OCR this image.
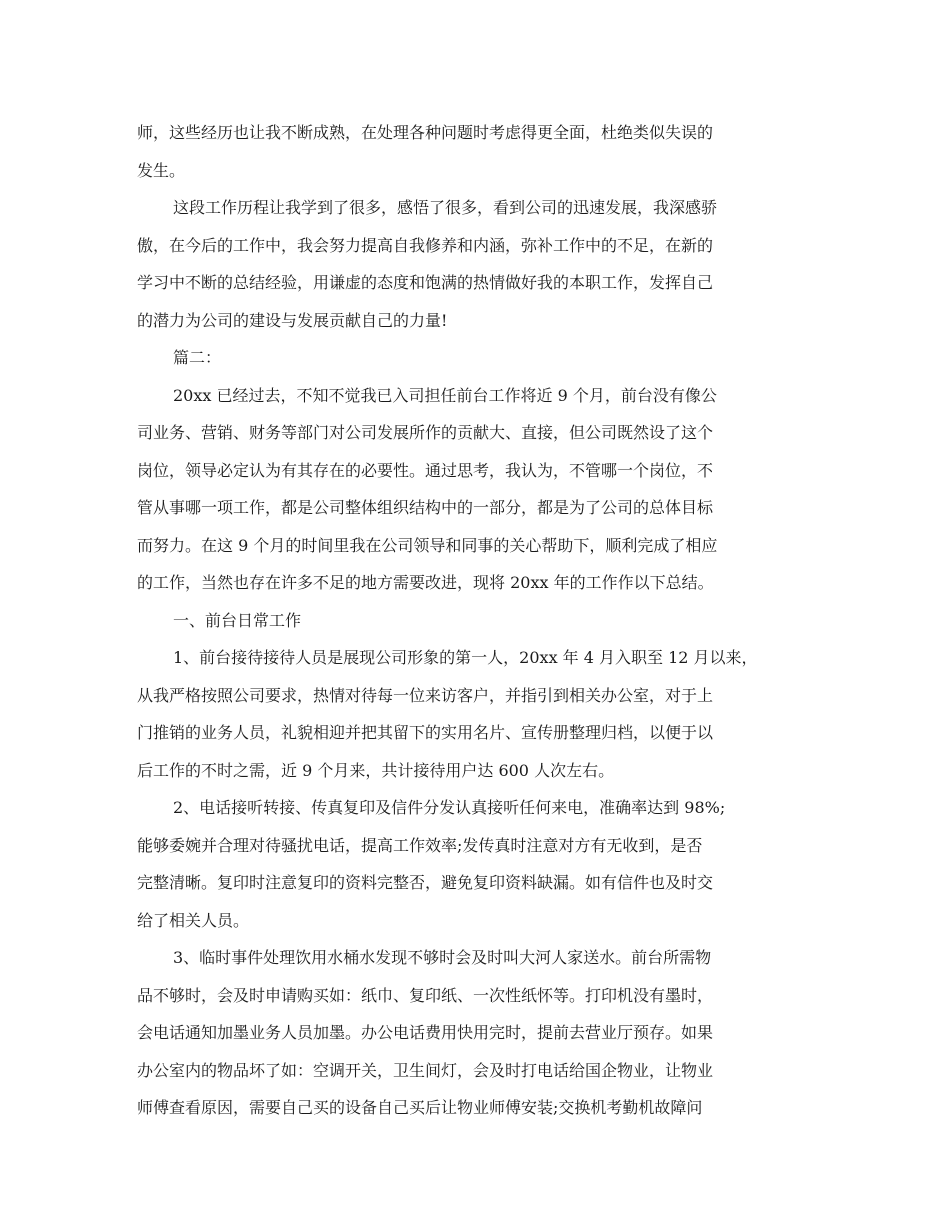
师，这些经历也让我不断成熟，在处理各种问题时考虑得更全面，杜绝类似失误的
发生。
这段工作历程让我学到了很多，感悟了很多，看到公司的迅速发展，我深感骄
傲，在今后的工作中，我会努力提高自我修养和内涵，弥补工作中的不足，在新的
学习中不断的总结经验，用谦虚的态度和饱满的热情做好我的本职工作，发挥自己
的潜力为公司的建设与发展贡献自己的力量!
篇二：
20xx 已经过去，不知不觉我已入司担任前台工作将近 9 个月，前台没有像公
司业务、营销、财务等部门对公司发展所作的贡献大、直接，但公司既然设了这个
岗位，领导必定认为有其存在的必要性。通过思考，我认为，不管哪一个岗位，不
管从事哪一项工作，都是公司整体组织结构中的一部分，都是为了公司的总体目标
而努力。在这 9 个月的时间里我在公司领导和同事的关心帮助下，顺利完成了相应
的工作，当然也存在许多不足的地方需要改进，现将 20xx 年的工作作以下总结。
一、前台日常工作
1、前台接待接待人员是展现公司形象的第一人，20xx 年 4 月入职至 12 月以来，
从我严格按照公司要求，热情对待每一位来访客户，并指引到相关办公室，对于上
门推销的业务人员，礼貌相迎并把其留下的实用名片、宣传册整理归档，以便于以
后工作的不时之需，近 9 个月来，共计接待用户达 600 人次左右。
2、电话接听转接、传真复印及信件分发认真接听任何来电，准确率达到 98%;
能够委婉并合理对待骚扰电话，提高工作效率;发传真时注意对方有无收到，是否
完整清晰。复印时注意复印的资料完整否，避免复印资料缺漏。如有信件也及时交
给了相关人员。
3、临时事件处理饮用水桶水发现不够时会及时叫大河人家送水。前台所需物
品不够时，会及时申请购买如：纸巾、复印纸、一次性纸怀等。打印机没有墨时，
会电话通知加墨业务人员加墨。办公电话费用快用完时，提前去营业厅预存。如果
办公室内的物品坏了如：空调开关，卫生间灯，会及时打电话给国企物业，让物业
师傅查看原因，需要自己买的设备自己买后让物业师傅安装;交换机考勤机故障问
